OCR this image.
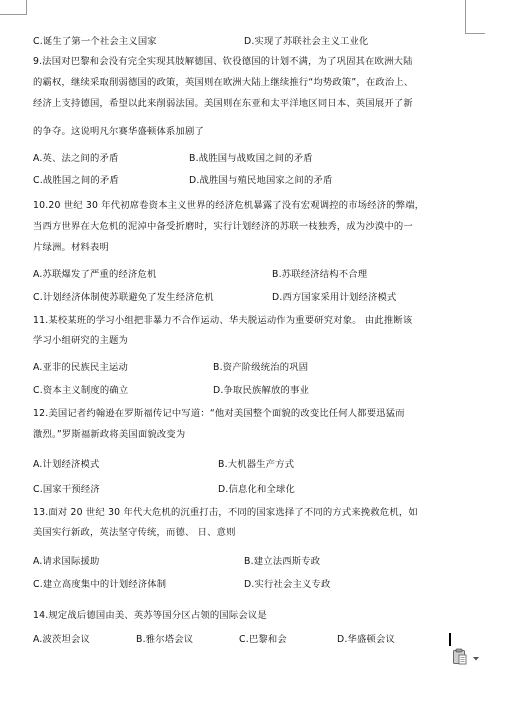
C.诞生了第一个社会主义国家	D.实现了苏联社会主义工业化
9.法国对巴黎和会没有完全实现其肢解德国、钦役德国的计划不满，为了巩固其在欧洲大陆
的霸权，继续采取削弱德国的政策，英国则在欧洲大陆上继续推行“均势政策”，在政治上、
经济上支持德国，希望以此来削弱法国。美国则在东亚和太平洋地区同日本、英国展开了新
的争夺。这说明凡尔赛华盛顿体系加剧了
A.英、法之间的矛盾	B.战胜国与战败国之间的矛盾
C.战胜国之间的矛盾	D.战胜国与殖民地国家之间的矛盾
10.20 世纪 30 年代初席卷资本主义世界的经济危机暴露了没有宏观调控的市场经济的弊端，
当西方世界在大危机的泥淖中备受折磨时，实行计划经济的苏联一枝独秀，成为沙漠中的一
片绿洲。材料表明
A.苏联爆发了严重的经济危机	B.苏联经济结构不合理
C.计划经济体制使苏联避免了发生经济危机	D.西方国家采用计划经济模式
11.某校某班的学习小组把非暴力不合作运动、华夫脱运动作为重要研究对象。 由此推断该
学习小组研究的主题为
A.亚非的民族民主运动	B.资产阶级统治的巩固
C.资本主义制度的确立	D.争取民族解放的事业
12.美国记者约翰逊在罗斯福传记中写道：“他对美国整个面貌的改变比任何人都要迅猛而
激烈。”罗斯福新政将美国面貌改变为
A.计划经济模式	B.大机器生产方式
C.国家干预经济	D.信息化和全球化
13.面对 20 世纪 30 年代大危机的沉重打击，不同的国家选择了不同的方式来挽救危机，如
美国实行新政，英法坚守传统，而德、 日、意则
A.请求国际援助	B.建立法西斯专政
C.建立高度集中的计划经济体制	D.实行社会主义专政
14.规定战后德国由美、英苏等国分区占领的国际会议是
A.波茨坦会议	B.雅尔塔会议	C.巴黎和会	D.华盛顿会议
